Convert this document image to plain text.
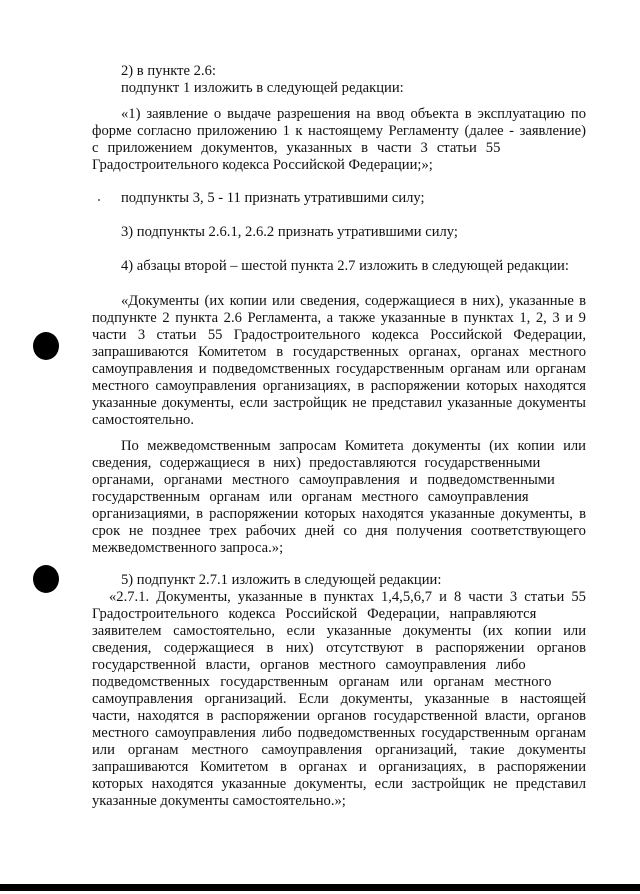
2) в пункте 2.6:
подпункт 1 изложить в следующей редакции:
«1) заявление о выдаче разрешения на ввод объекта в эксплуатацию по
форме согласно приложению 1 к настоящему Регламенту (далее - заявление)
с приложением документов, указанных в части 3 статьи 55
Градостроительного кодекса Российской Федерации;»;
подпункты 3, 5 - 11 признать утратившими силу;
3) подпункты 2.6.1, 2.6.2 признать утратившими силу;
4) абзацы второй – шестой пункта 2.7 изложить в следующей редакции:
«Документы (их копии или сведения, содержащиеся в них), указанные в
подпункте 2 пункта 2.6 Регламента, а также указанные в пунктах 1, 2, 3 и 9
части 3 статьи 55 Градостроительного кодекса Российской Федерации,
запрашиваются Комитетом в государственных органах, органах местного
самоуправления и подведомственных государственным органам или органам
местного самоуправления организациях, в распоряжении которых находятся
указанные документы, если застройщик не представил указанные документы
самостоятельно.
По межведомственным запросам Комитета документы (их копии или
сведения, содержащиеся в них) предоставляются государственными
органами, органами местного самоуправления и подведомственными
государственным органам или органам местного самоуправления
организациями, в распоряжении которых находятся указанные документы, в
срок не позднее трех рабочих дней со дня получения соответствующего
межведомственного запроса.»;
5) подпункт 2.7.1 изложить в следующей редакции:
«2.7.1. Документы, указанные в пунктах 1,4,5,6,7 и 8 части 3 статьи 55
Градостроительного кодекса Российской Федерации, направляются
заявителем самостоятельно, если указанные документы (их копии или
сведения, содержащиеся в них) отсутствуют в распоряжении органов
государственной власти, органов местного самоуправления либо
подведомственных государственным органам или органам местного
самоуправления организаций. Если документы, указанные в настоящей
части, находятся в распоряжении органов государственной власти, органов
местного самоуправления либо подведомственных государственным органам
или органам местного самоуправления организаций, такие документы
запрашиваются Комитетом в органах и организациях, в распоряжении
которых находятся указанные документы, если застройщик не представил
указанные документы самостоятельно.»;
